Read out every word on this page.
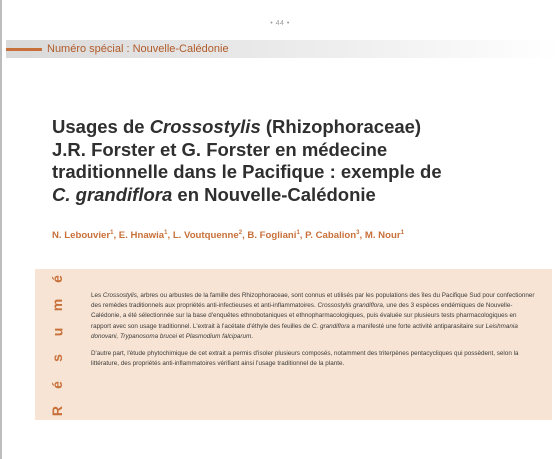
• 44 •
Numéro spécial : Nouvelle-Calédonie
Usages de Crossostylis (Rhizophoraceae)
J.R. Forster et G. Forster en médecine
traditionnelle dans le Pacifique : exemple de
C. grandiflora en Nouvelle-Calédonie
N. Lebouvier$^1$, E. Hnawia$^1$, L. Voutquenne$^2$, B. Fogliani$^1$, P. Cabalion$^3$, M. Nour$^1$
é
m
u
s
é
R

Les Crossostylis, arbres ou arbustes de la famille des Rhizophoraceae, sont connus et utilisés par les populations des îles du Pacifique Sud pour confectionner des remèdes traditionnels aux propriétés anti-infectieuses et anti-inflammatoires. Crossostylis grandiflora, une des 3 espèces endémiques de Nouvelle-Calédonie, a été sélectionnée sur la base d'enquêtes ethnobotaniques et ethnopharmacologiques, puis évaluée sur plusieurs tests pharmacologiques en rapport avec son usage traditionnel. L'extrait à l'acétate d'éthyle des feuilles de C. grandiflora a manifesté une forte activité antiparasitaire sur Leishmania donovani, Trypanosoma brucei et Plasmodium falciparum.

D'autre part, l'étude phytochimique de cet extrait a permis d'isoler plusieurs composés, notamment des triterpènes pentacycliques qui possèdent, selon la littérature, des propriétés anti-inflammatoires vérifiant ainsi l'usage traditionnel de la plante.
